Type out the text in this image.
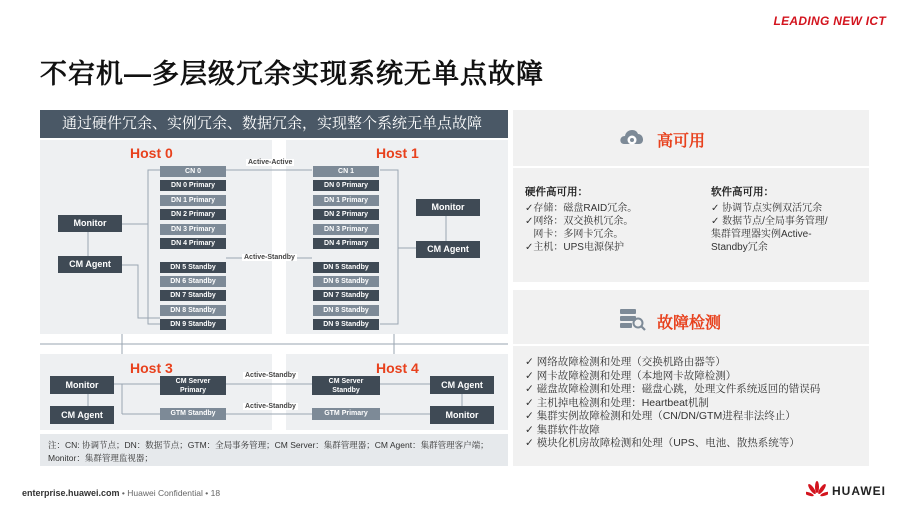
LEADING NEW ICT
不宕机—多层级冗余实现系统无单点故障
通过硬件冗余、实例冗余、数据冗余，实现整个系统无单点故障
Host 0	Host 1
Host 3	Host 4
CN 0
DN 0 Primary
DN 1 Primary
DN 2 Primary
DN 3 Primary
DN 4 Primary
DN 5 Standby
DN 6 Standby
DN 7 Standby
DN 8 Standby
DN 9 Standby
CN 1
DN 0 Primary
DN 1 Primary
DN 2 Primary
DN 3 Primary
DN 4 Primary
DN 5 Standby
DN 6 Standby
DN 7 Standby
DN 8 Standby
DN 9 Standby
Active-Active
Active-Standby
Monitor
CM Agent
Monitor
CM Agent
Monitor
CM Agent
CM Server
Primary
GTM Standby
CM Server
Standby
GTM Primary
CM Agent
Monitor
Active-Standby
Active-Standby
注：CN: 协调节点；DN：数据节点；GTM：全局事务管理；CM Server：集群管理器；CM Agent：集群管理客户端；Monitor：集群管理监视器；
高可用
硬件高可用：
✓存储：磁盘RAID冗余。
✓网络：双交换机冗余。
网卡：多网卡冗余。
✓主机：UPS电源保护
软件高可用：
✓ 协调节点实例双活冗余
✓ 数据节点/全局事务管理/
集群管理器实例Active-
Standby冗余
故障检测
✓ 网络故障检测和处理（交换机路由器等）
✓ 网卡故障检测和处理（本地网卡故障检测）
✓ 磁盘故障检测和处理：磁盘心跳，处理文件系统返回的错误码
✓ 主机掉电检测和处理：Heartbeat机制
✓ 集群实例故障检测和处理（CN/DN/GTM进程非法终止）
✓ 集群软件故障
✓ 模块化机房故障检测和处理（UPS、电池、散热系统等）
enterprise.huawei.com • Huawei Confidential • 18	HUAWEI
